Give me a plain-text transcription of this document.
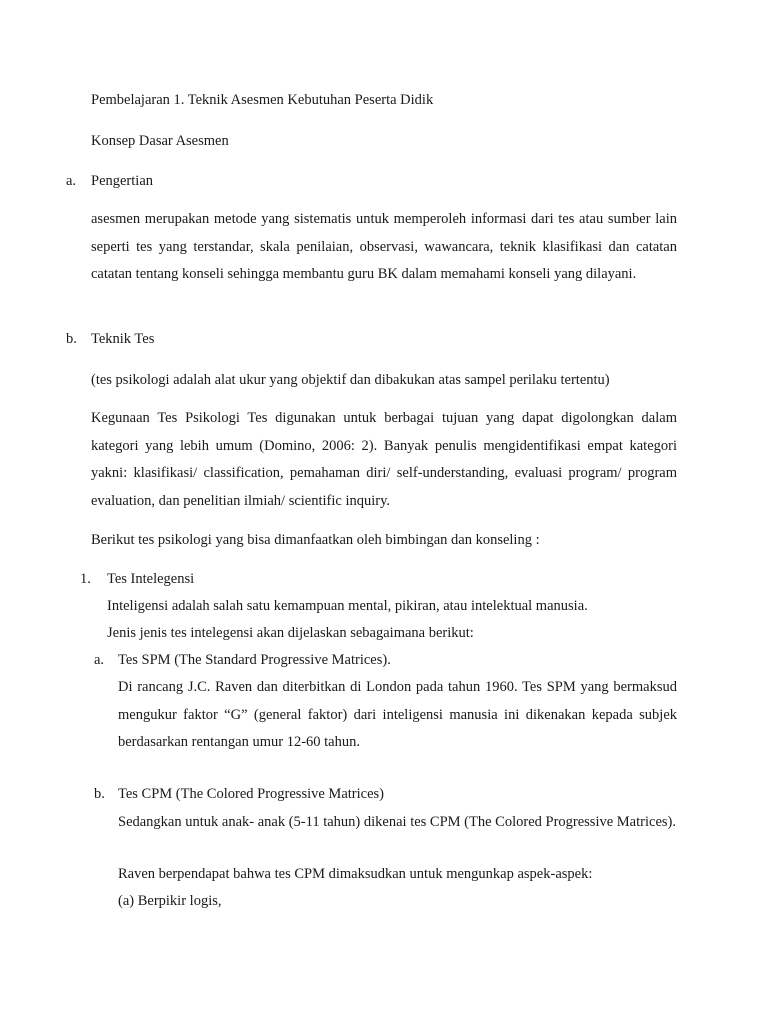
Pembelajaran 1. Teknik Asesmen Kebutuhan Peserta Didik

Konsep Dasar Asesmen

a. Pengertian

asesmen merupakan metode yang sistematis untuk memperoleh informasi dari tes atau sumber lain seperti tes yang terstandar, skala penilaian, observasi, wawancara, teknik klasifikasi dan catatan catatan tentang konseli sehingga membantu guru BK dalam memahami konseli yang dilayani.

b. Teknik Tes

(tes psikologi adalah alat ukur yang objektif dan dibakukan atas sampel perilaku tertentu)

Kegunaan Tes Psikologi Tes digunakan untuk berbagai tujuan yang dapat digolongkan dalam kategori yang lebih umum (Domino, 2006: 2). Banyak penulis mengidentifikasi empat kategori yakni: klasifikasi/ classification, pemahaman diri/ self-understanding, evaluasi program/ program evaluation, dan penelitian ilmiah/ scientific inquiry.

Berikut tes psikologi yang bisa dimanfaatkan oleh bimbingan dan konseling :

1. Tes Intelegensi

Inteligensi adalah salah satu kemampuan mental, pikiran, atau intelektual manusia.

Jenis jenis tes intelegensi akan dijelaskan sebagaimana berikut:

a. Tes SPM (The Standard Progressive Matrices).

Di rancang J.C. Raven dan diterbitkan di London pada tahun 1960. Tes SPM yang bermaksud mengukur faktor “G” (general faktor) dari inteligensi manusia ini dikenakan kepada subjek berdasarkan rentangan umur 12-60 tahun.

b. Tes CPM (The Colored Progressive Matrices)

Sedangkan untuk anak- anak (5-11 tahun) dikenai tes CPM (The Colored Progressive Matrices).

Raven berpendapat bahwa tes CPM dimaksudkan untuk mengunkap aspek-aspek:

(a) Berpikir logis,
